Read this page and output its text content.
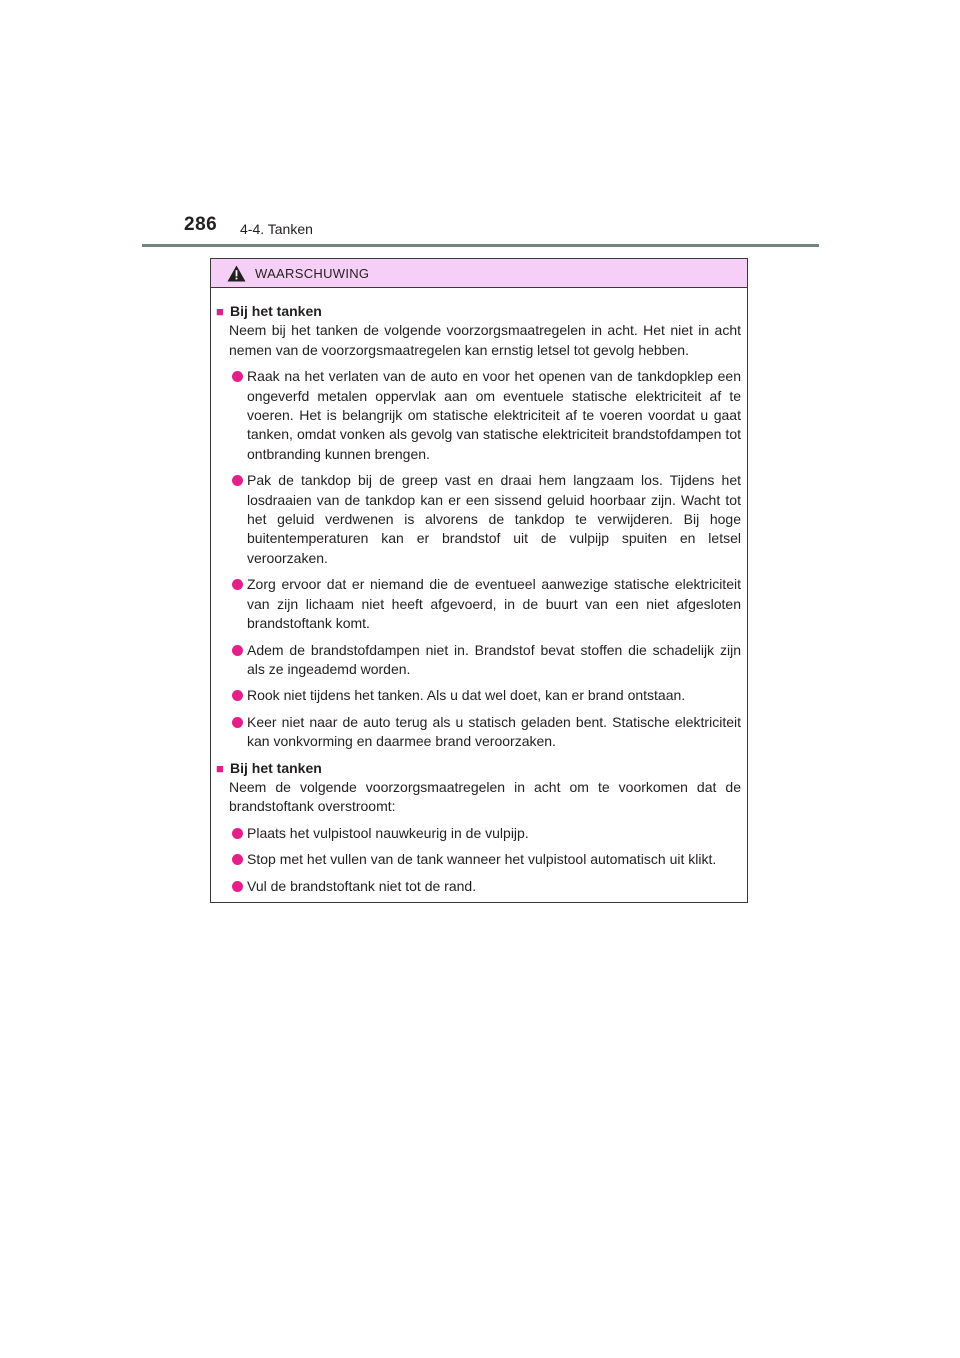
286 4-4. Tanken
WAARSCHUWING
■ Bij het tanken
Neem bij het tanken de volgende voorzorgsmaatregelen in acht. Het niet in acht nemen van de voorzorgsmaatregelen kan ernstig letsel tot gevolg hebben.
Raak na het verlaten van de auto en voor het openen van de tankdopklep een ongeverfd metalen oppervlak aan om eventuele statische elektriciteit af te voeren. Het is belangrijk om statische elektriciteit af te voeren voordat u gaat tanken, omdat vonken als gevolg van statische elektriciteit brandstofdampen tot ontbranding kunnen brengen.
Pak de tankdop bij de greep vast en draai hem langzaam los. Tijdens het losdraaien van de tankdop kan er een sissend geluid hoorbaar zijn. Wacht tot het geluid verdwenen is alvorens de tankdop te verwijderen. Bij hoge buitentemperaturen kan er brandstof uit de vulpijp spuiten en letsel veroorzaken.
Zorg ervoor dat er niemand die de eventueel aanwezige statische elektriciteit van zijn lichaam niet heeft afgevoerd, in de buurt van een niet afgesloten brandstoftank komt.
Adem de brandstofdampen niet in. Brandstof bevat stoffen die schadelijk zijn als ze ingeademd worden.
Rook niet tijdens het tanken. Als u dat wel doet, kan er brand ontstaan.
Keer niet naar de auto terug als u statisch geladen bent. Statische elektriciteit kan vonkvorming en daarmee brand veroorzaken.
■ Bij het tanken
Neem de volgende voorzorgsmaatregelen in acht om te voorkomen dat de brandstoftank overstroomt:
Plaats het vulpistool nauwkeurig in de vulpijp.
Stop met het vullen van de tank wanneer het vulpistool automatisch uit klikt.
Vul de brandstoftank niet tot de rand.
